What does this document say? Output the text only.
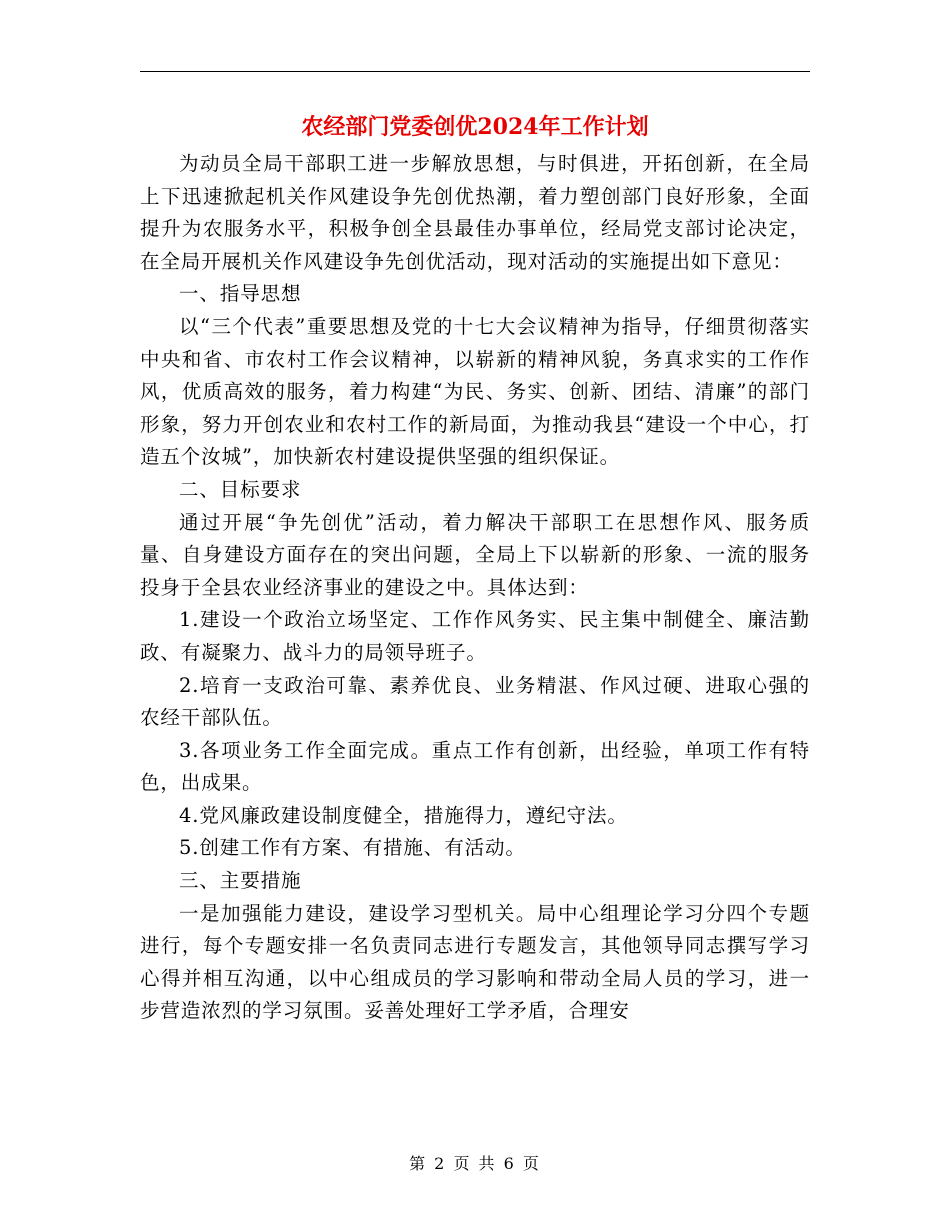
农经部门党委创优2024年工作计划

为动员全局干部职工进一步解放思想，与时俱进，开拓创新，在全局上下迅速掀起机关作风建设争先创优热潮，着力塑创部门良好形象，全面提升为农服务水平，积极争创全县最佳办事单位，经局党支部讨论决定，在全局开展机关作风建设争先创优活动，现对活动的实施提出如下意见：

一、指导思想

以“三个代表”重要思想及党的十七大会议精神为指导，仔细贯彻落实中央和省、市农村工作会议精神，以崭新的精神风貌，务真求实的工作作风，优质高效的服务，着力构建“为民、务实、创新、团结、清廉”的部门形象，努力开创农业和农村工作的新局面，为推动我县“建设一个中心，打造五个汝城”，加快新农村建设提供坚强的组织保证。

二、目标要求

通过开展“争先创优”活动，着力解决干部职工在思想作风、服务质量、自身建设方面存在的突出问题，全局上下以崭新的形象、一流的服务投身于全县农业经济事业的建设之中。具体达到：

1.建设一个政治立场坚定、工作作风务实、民主集中制健全、廉洁勤政、有凝聚力、战斗力的局领导班子。

2.培育一支政治可靠、素养优良、业务精湛、作风过硬、进取心强的农经干部队伍。

3.各项业务工作全面完成。重点工作有创新，出经验，单项工作有特色，出成果。

4.党风廉政建设制度健全，措施得力，遵纪守法。

5.创建工作有方案、有措施、有活动。

三、主要措施

一是加强能力建设，建设学习型机关。局中心组理论学习分四个专题进行，每个专题安排一名负责同志进行专题发言，其他领导同志撰写学习心得并相互沟通，以中心组成员的学习影响和带动全局人员的学习，进一步营造浓烈的学习氛围。妥善处理好工学矛盾，合理安

第 2 页 共 6 页
